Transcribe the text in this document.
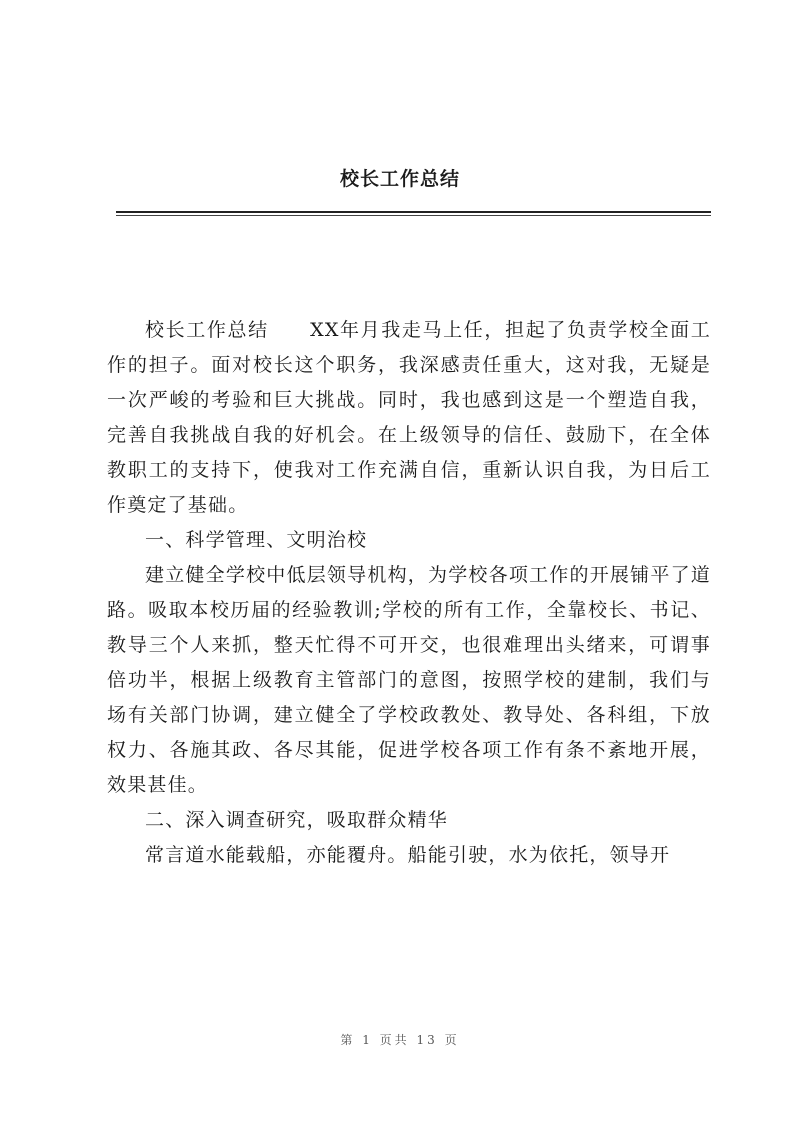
校长工作总结

校长工作总结　　XX年月我走马上任，担起了负责学校全面工作的担子。面对校长这个职务，我深感责任重大，这对我，无疑是一次严峻的考验和巨大挑战。同时，我也感到这是一个塑造自我，完善自我挑战自我的好机会。在上级领导的信任、鼓励下，在全体教职工的支持下，使我对工作充满自信，重新认识自我，为日后工作奠定了基础。

一、科学管理、文明治校

建立健全学校中低层领导机构，为学校各项工作的开展铺平了道路。吸取本校历届的经验教训;学校的所有工作，全靠校长、书记、教导三个人来抓，整天忙得不可开交，也很难理出头绪来，可谓事倍功半，根据上级教育主管部门的意图，按照学校的建制，我们与场有关部门协调，建立健全了学校政教处、教导处、各科组，下放权力、各施其政、各尽其能，促进学校各项工作有条不紊地开展，效果甚佳。

二、深入调查研究，吸取群众精华

常言道水能载船，亦能覆舟。船能引驶，水为依托，领导开

第 1 页共 13 页
